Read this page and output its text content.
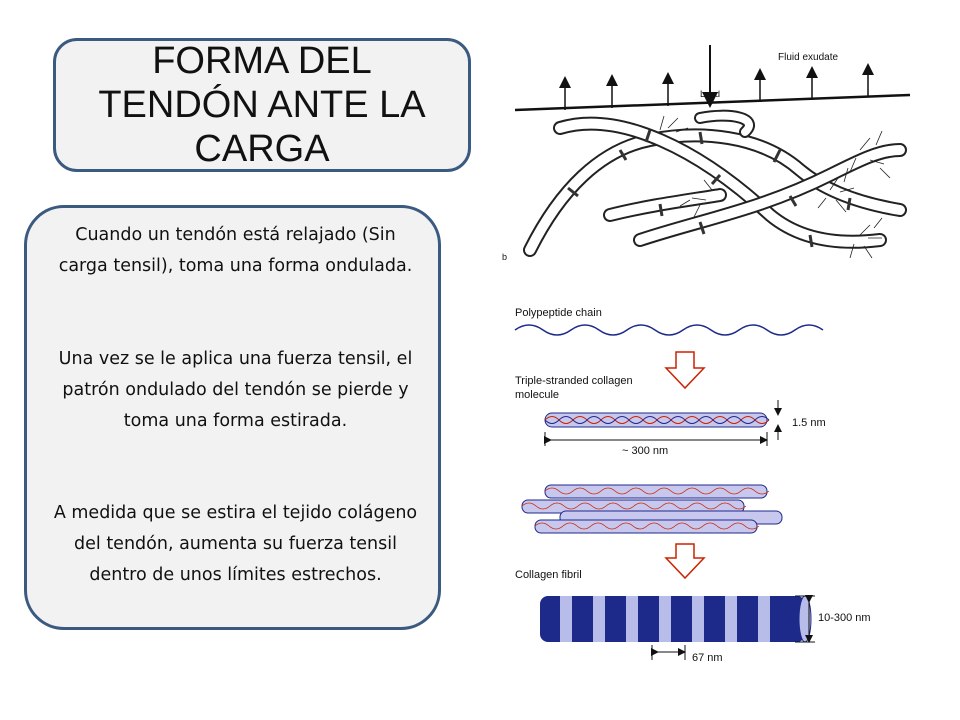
FORMA DEL TENDÓN ANTE LA CARGA

Cuando un tendón está relajado (Sin carga tensil), toma una forma ondulada.

Una vez se le aplica una fuerza tensil, el patrón ondulado del tendón se pierde y toma una forma estirada.

A medida que se estira el tejido colágeno del tendón, aumenta su fuerza tensil dentro de unos límites estrechos.

Fluid exudate
Load
b
Polypeptide chain
Triple-stranded collagen
molecule
1.5 nm
~ 300 nm
Collagen fibril
10-300 nm
67 nm
